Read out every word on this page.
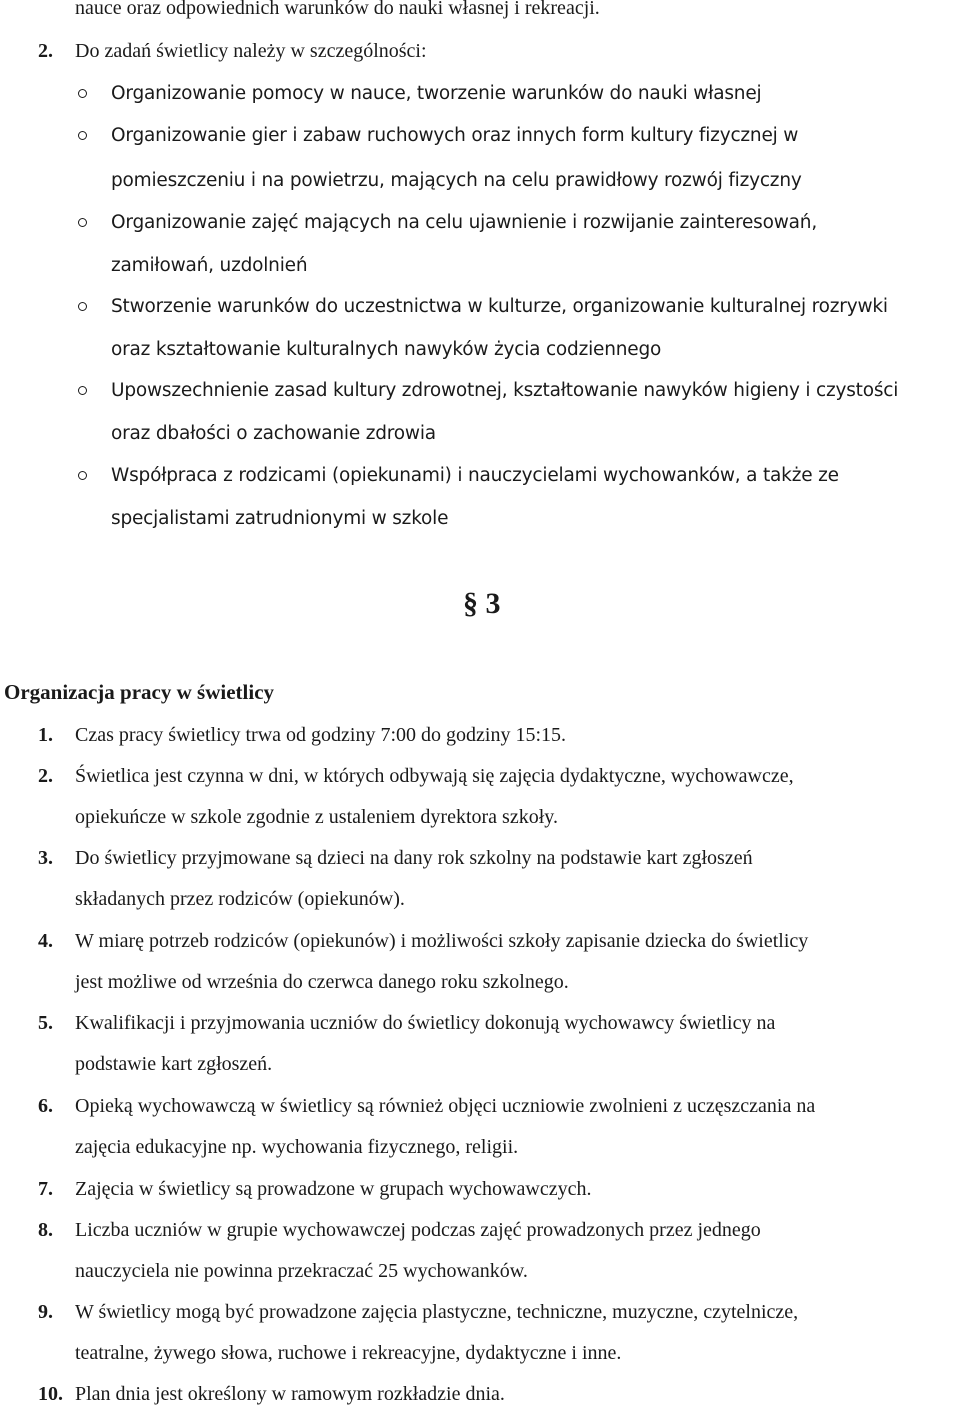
nauce oraz odpowiednich warunków do nauki własnej i rekreacji.
2. Do zadań świetlicy należy w szczególności:
Organizowanie pomocy w nauce, tworzenie warunków do nauki własnej
Organizowanie gier i zabaw ruchowych oraz innych form kultury fizycznej w
pomieszczeniu i na powietrzu, mających na celu prawidłowy rozwój fizyczny
Organizowanie zajęć mających na celu ujawnienie i rozwijanie zainteresowań,
zamiłowań, uzdolnień
Stworzenie warunków do uczestnictwa w kulturze, organizowanie kulturalnej rozrywki
oraz kształtowanie kulturalnych nawyków życia codziennego
Upowszechnienie zasad kultury zdrowotnej, kształtowanie nawyków higieny i czystości
oraz dbałości o zachowanie zdrowia
Współpraca z rodzicami (opiekunami) i nauczycielami wychowanków, a także ze
specjalistami zatrudnionymi w szkole
§ 3
Organizacja pracy w świetlicy
1. Czas pracy świetlicy trwa od godziny 7:00 do godziny 15:15.
2. Świetlica jest czynna w dni, w których odbywają się zajęcia dydaktyczne, wychowawcze,
opiekuńcze w szkole zgodnie z ustaleniem dyrektora szkoły.
3. Do świetlicy przyjmowane są dzieci na dany rok szkolny na podstawie kart zgłoszeń
składanych przez rodziców (opiekunów).
4. W miarę potrzeb rodziców (opiekunów) i możliwości szkoły zapisanie dziecka do świetlicy
jest możliwe od września do czerwca danego roku szkolnego.
5. Kwalifikacji i przyjmowania uczniów do świetlicy dokonują wychowawcy świetlicy na
podstawie kart zgłoszeń.
6. Opieką wychowawczą w świetlicy są również objęci uczniowie zwolnieni z uczęszczania na
zajęcia edukacyjne np. wychowania fizycznego, religii.
7. Zajęcia w świetlicy są prowadzone w grupach wychowawczych.
8. Liczba uczniów w grupie wychowawczej podczas zajęć prowadzonych przez jednego
nauczyciela nie powinna przekraczać 25 wychowanków.
9. W świetlicy mogą być prowadzone zajęcia plastyczne, techniczne, muzyczne, czytelnicze,
teatralne, żywego słowa, ruchowe i rekreacyjne, dydaktyczne i inne.
10. Plan dnia jest określony w ramowym rozkładzie dnia.
